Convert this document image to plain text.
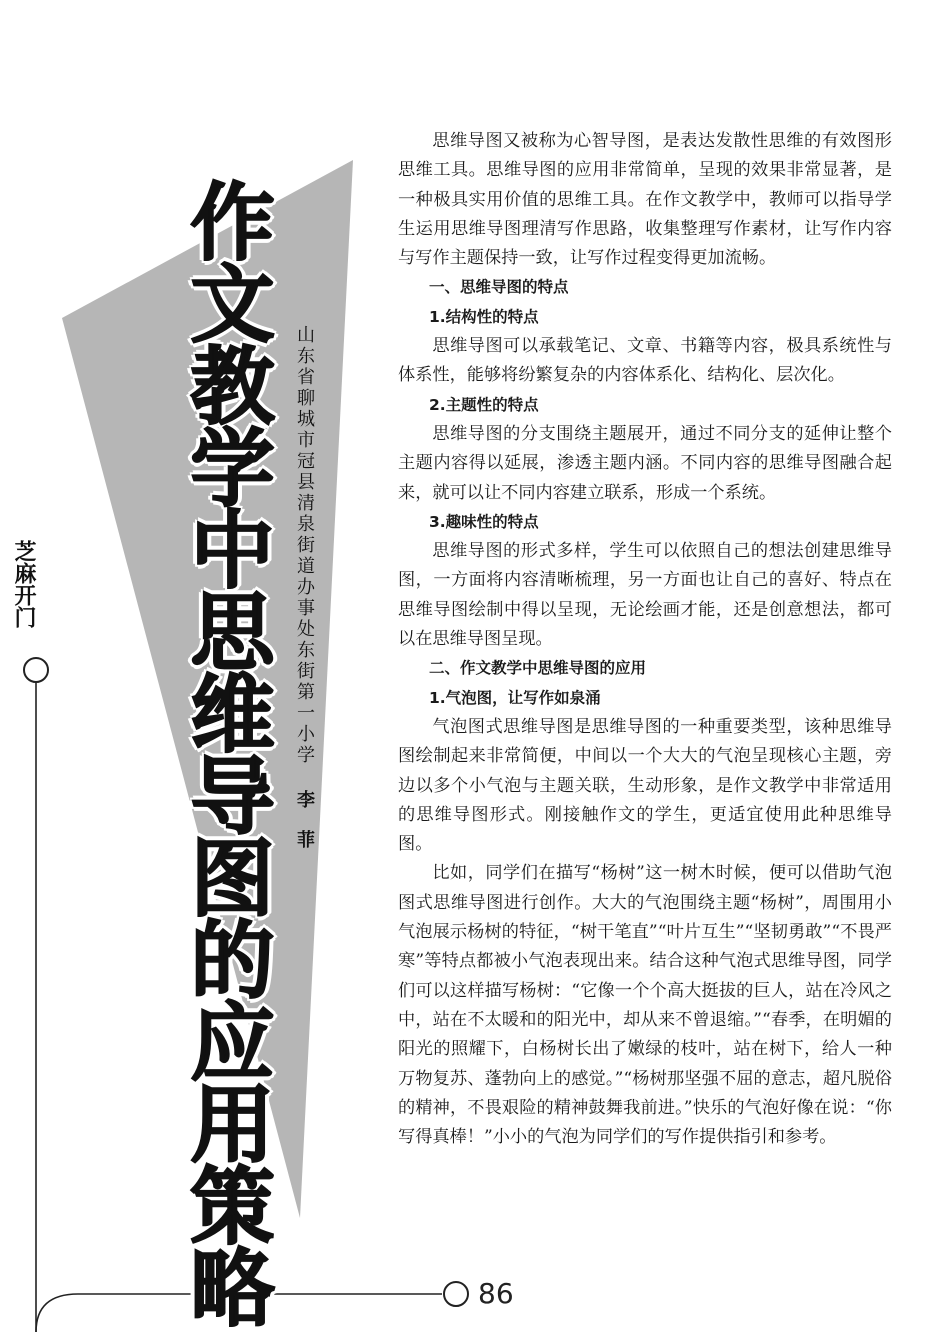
芝麻开门 作文教学中思维导图的应用策略	山东省聊城市冠县清泉街道办事处东街第一小学李菲

思维导图又被称为心智导图，是表达发散性思维的有效图形思维工具。思维导图的应用非常简单，呈现的效果非常显著，是一种极具实用价值的思维工具。在作文教学中，教师可以指导学生运用思维导图理清写作思路，收集整理写作素材，让写作内容与写作主题保持一致，让写作过程变得更加流畅。

一、思维导图的特点
1.结构性的特点

思维导图可以承载笔记、文章、书籍等内容，极具系统性与体系性，能够将纷繁复杂的内容体系化、结构化、层次化。

2.主题性的特点

思维导图的分支围绕主题展开，通过不同分支的延伸让整个主题内容得以延展，渗透主题内涵。不同内容的思维导图融合起来，就可以让不同内容建立联系，形成一个系统。

3.趣味性的特点

思维导图的形式多样，学生可以依照自己的想法创建思维导图，一方面将内容清晰梳理，另一方面也让自己的喜好、特点在思维导图绘制中得以呈现，无论绘画才能，还是创意想法，都可以在思维导图呈现。

二、作文教学中思维导图的应用
1.气泡图，让写作如泉涌

气泡图式思维导图是思维导图的一种重要类型，该种思维导图绘制起来非常简便，中间以一个大大的气泡呈现核心主题，旁边以多个小气泡与主题关联，生动形象，是作文教学中非常适用的思维导图形式。刚接触作文的学生，更适宜使用此种思维导图。

比如，同学们在描写“杨树”这一树木时候，便可以借助气泡图式思维导图进行创作。大大的气泡围绕主题“杨树”，周围用小气泡展示杨树的特征，“树干笔直”“叶片互生”“坚韧勇敢”“不畏严寒”等特点都被小气泡表现出来。结合这种气泡式思维导图，同学们可以这样描写杨树：“它像一个个高大挺拔的巨人，站在冷风之中，站在不太暖和的阳光中，却从来不曾退缩。”“春季，在明媚的阳光的照耀下，白杨树长出了嫩绿的枝叶，站在树下，给人一种万物复苏、蓬勃向上的感觉。”“杨树那坚强不屈的意志，超凡脱俗的精神，不畏艰险的精神鼓舞我前进。”快乐的气泡好像在说：“你写得真棒！”小小的气泡为同学们的写作提供指引和参考。

86
